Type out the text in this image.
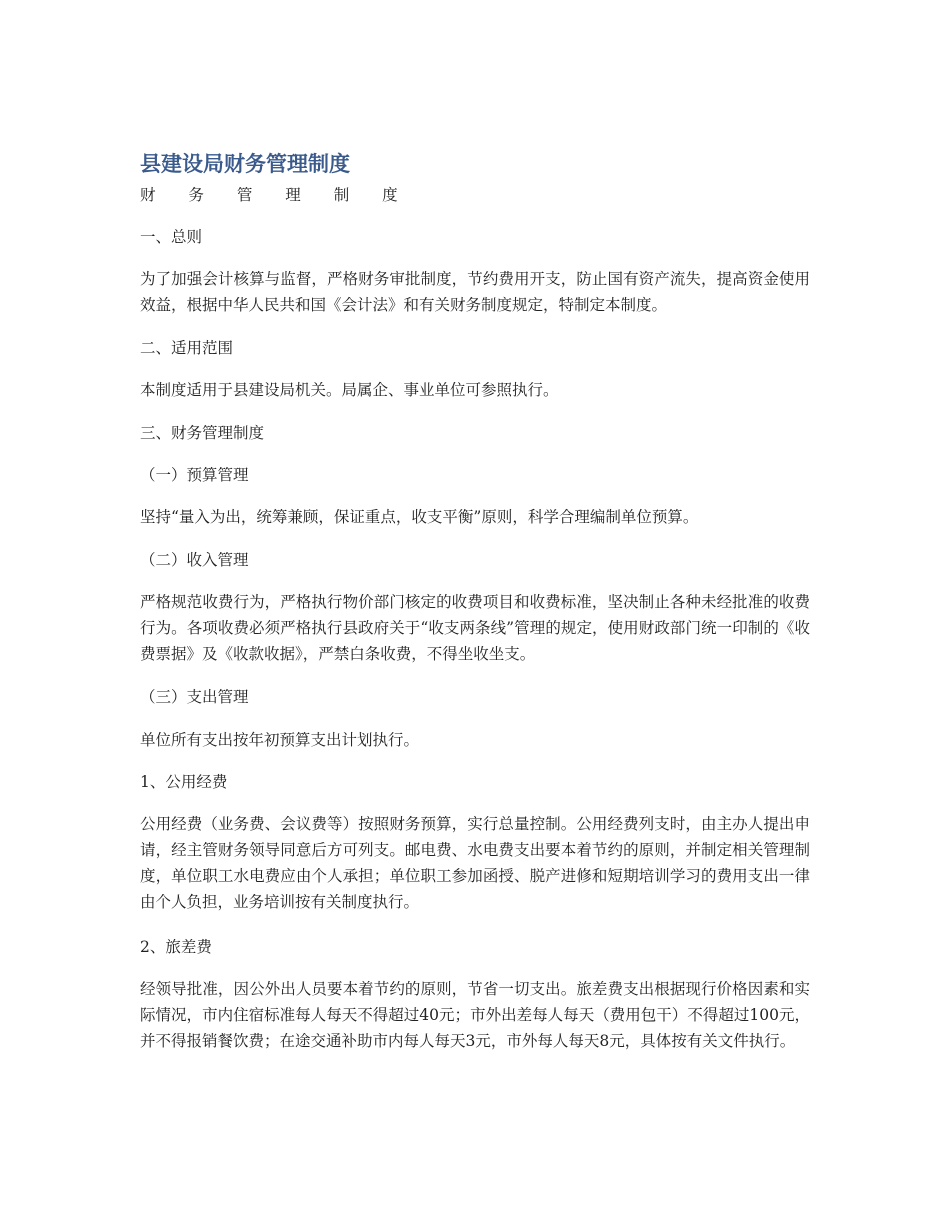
县建设局财务管理制度
财 务 管 理 制 度
一、总则
为了加强会计核算与监督，严格财务审批制度，节约费用开支，防止国有资产流失，提高资金使用效益，根据中华人民共和国《会计法》和有关财务制度规定，特制定本制度。
二、适用范围
本制度适用于县建设局机关。局属企、事业单位可参照执行。
三、财务管理制度
（一）预算管理
坚持“量入为出，统筹兼顾，保证重点，收支平衡”原则，科学合理编制单位预算。
（二）收入管理
严格规范收费行为，严格执行物价部门核定的收费项目和收费标准，坚决制止各种未经批准的收费行为。各项收费必须严格执行县政府关于“收支两条线”管理的规定，使用财政部门统一印制的《收费票据》及《收款收据》，严禁白条收费，不得坐收坐支。
（三）支出管理
单位所有支出按年初预算支出计划执行。
1、公用经费
公用经费（业务费、会议费等）按照财务预算，实行总量控制。公用经费列支时，由主办人提出申请，经主管财务领导同意后方可列支。邮电费、水电费支出要本着节约的原则，并制定相关管理制度，单位职工水电费应由个人承担；单位职工参加函授、脱产进修和短期培训学习的费用支出一律由个人负担，业务培训按有关制度执行。
2、旅差费
经领导批准，因公外出人员要本着节约的原则，节省一切支出。旅差费支出根据现行价格因素和实际情况，市内住宿标准每人每天不得超过40元；市外出差每人每天（费用包干）不得超过100元，并不得报销餐饮费；在途交通补助市内每人每天3元，市外每人每天8元，具体按有关文件执行。
